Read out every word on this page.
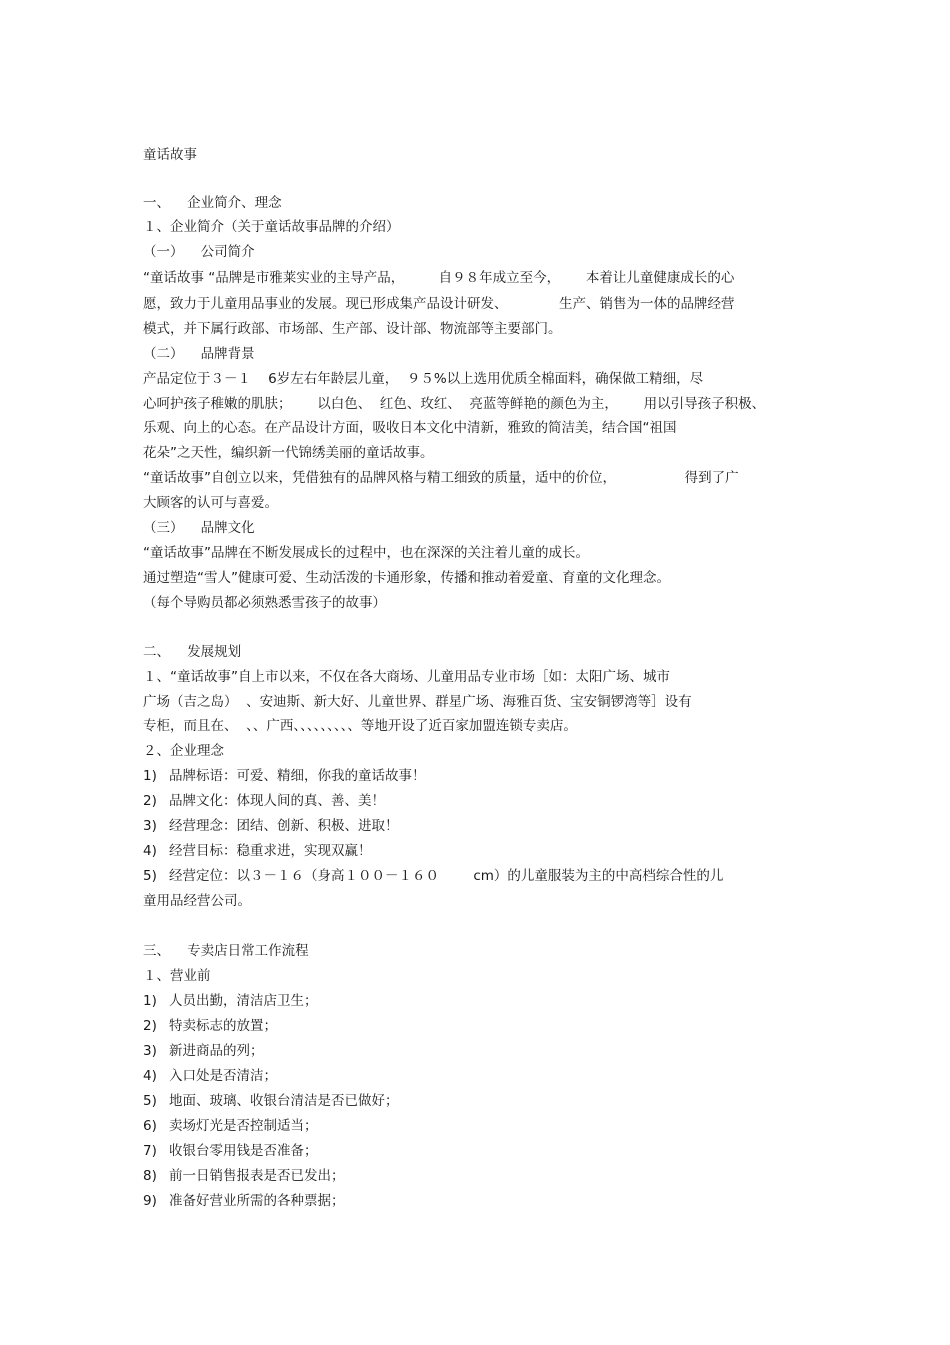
童话故事
一、    企业简介、理念
１、企业简介（关于童话故事品牌的介绍）
（一）    公司简介
“童话故事 “品牌是市雅莱实业的主导产品，        自９８年成立至今，      本着让儿童健康成长的心
愿，致力于儿童用品事业的发展。现已形成集产品设计研发、            生产、销售为一体的品牌经营
模式，并下属行政部、市场部、生产部、设计部、物流部等主要部门。
（二）    品牌背景
产品定位于３－１    6岁左右年龄层儿童，  ９５%以上选用优质全棉面料，确保做工精细，尽
心呵护孩子稚嫩的肌肤；      以白色、  红色、玫红、  亮蓝等鲜艳的颜色为主，      用以引导孩子积极、
乐观、向上的心态。在产品设计方面，吸收日本文化中清新，雅致的简洁美，结合国“祖国
花朵”之天性，编织新一代锦绣美丽的童话故事。
“童话故事”自创立以来，凭借独有的品牌风格与精工细致的质量，适中的价位，                得到了广
大顾客的认可与喜爱。
（三）    品牌文化
“童话故事”品牌在不断发展成长的过程中，也在深深的关注着儿童的成长。
通过塑造“雪人”健康可爱、生动活泼的卡通形象，传播和推动着爱童、育童的文化理念。
（每个导购员都必须熟悉雪孩子的故事）
二、    发展规划
１、“童话故事”自上市以来，不仅在各大商场、儿童用品专业市场［如：太阳广场、城市
广场（吉之岛）  、安迪斯、新大好、儿童世界、群星广场、海雅百货、宝安铜锣湾等］设有
专柜，而且在、  、、广西、、、、、、、、、等地开设了近百家加盟连锁专卖店。
２、企业理念
1) 品牌标语：可爱、精细，你我的童话故事！
2) 品牌文化：体现人间的真、善、美！
3) 经营理念：团结、创新、积极、进取！
4) 经营目标：稳重求进，实现双赢！
5) 经营定位：以３－１６（身高１００－１６０        cm）的儿童服装为主的中高档综合性的儿
童用品经营公司。
三、    专卖店日常工作流程
１、营业前
1) 人员出勤，清洁店卫生；
2) 特卖标志的放置；
3) 新进商品的列；
4) 入口处是否清洁；
5) 地面、玻璃、收银台清洁是否已做好；
6) 卖场灯光是否控制适当；
7) 收银台零用钱是否准备；
8) 前一日销售报表是否已发出；
9) 准备好营业所需的各种票据；
